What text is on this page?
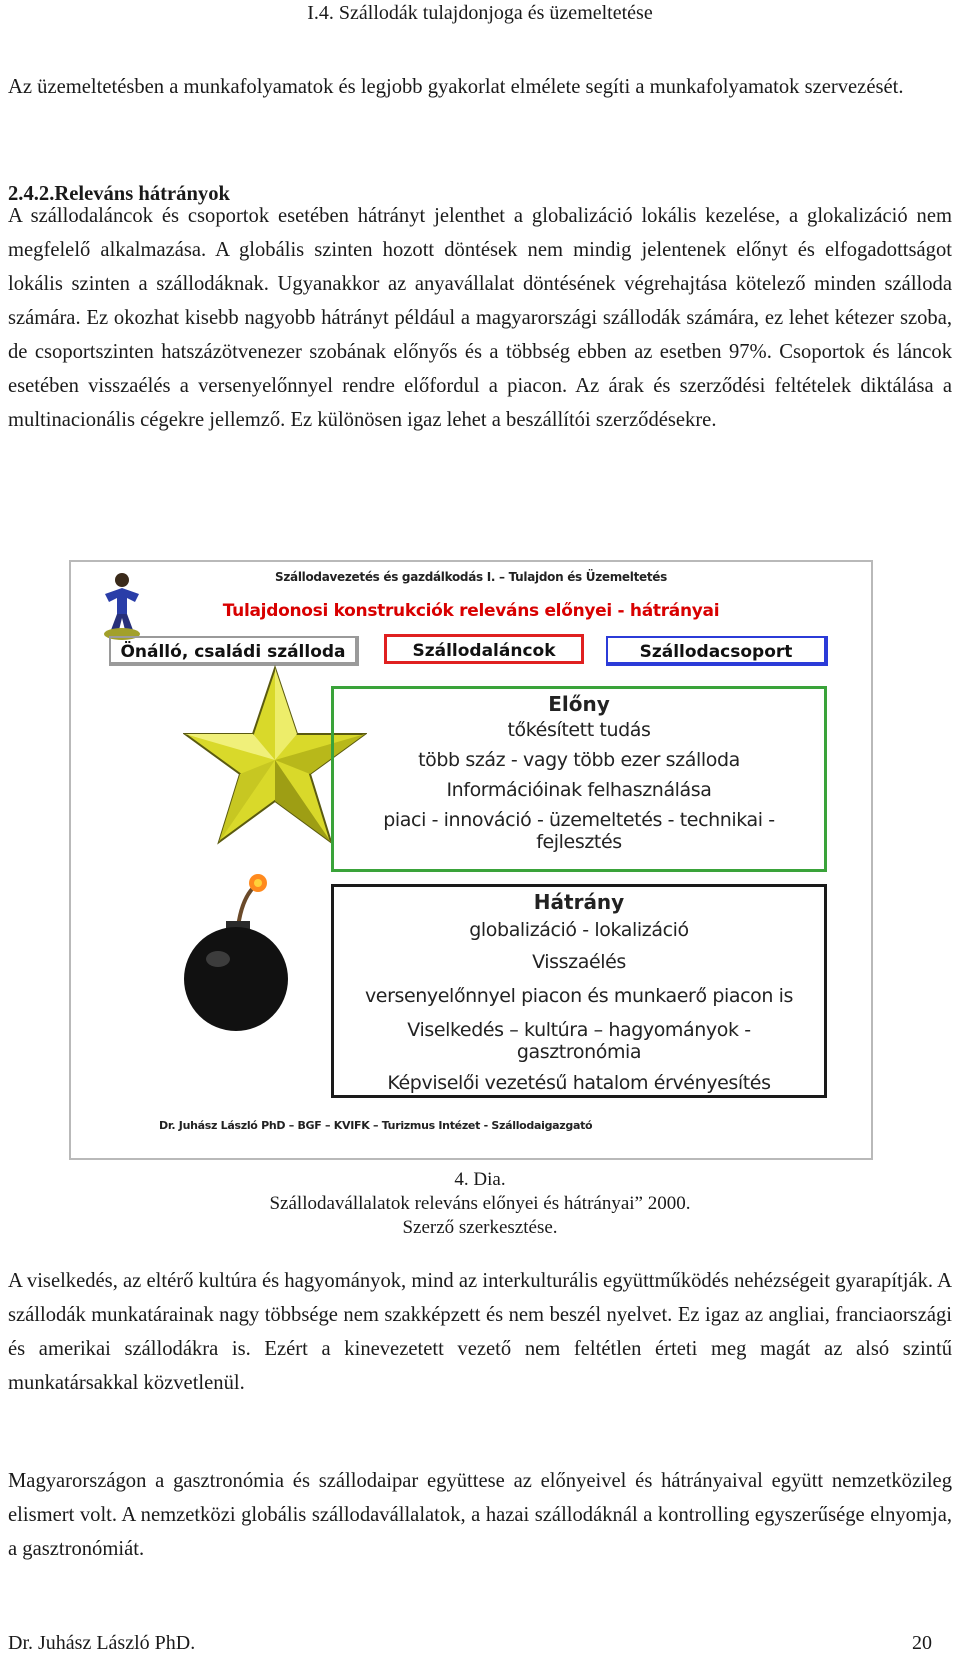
I.4. Szállodák tulajdonjoga és üzemeltetése

Az üzemeltetésben a munkafolyamatok és legjobb gyakorlat elmélete segíti a munkafolyamatok szervezését.

2.4.2.Releváns hátrányok

A szállodaláncok és csoportok esetében hátrányt jelenthet a globalizáció lokális kezelése, a glokalizáció nem megfelelő alkalmazása. A globális szinten hozott döntések nem mindig jelentenek előnyt és elfogadottságot lokális szinten a szállodáknak. Ugyanakkor az anyavállalat döntésének végrehajtása kötelező minden szálloda számára. Ez okozhat kisebb nagyobb hátrányt például a magyarországi szállodák számára, ez lehet kétezer szoba, de csoportszinten hatszázötvenezer szobának előnyős és a többség ebben az esetben 97%. Csoportok és láncok esetében visszaélés a versenyelőnnyel rendre előfordul a piacon. Az árak és szerződési feltételek diktálása a multinacionális cégekre jellemző. Ez különösen igaz lehet a beszállítói szerződésekre.

Szállodavezetés és gazdálkodás I. – Tulajdon és Üzemeltetés
Tulajdonosi konstrukciók releváns előnyei - hátrányai
Önálló, családi szálloda	Szállodaláncok	Szállodacsoport
Előny
tőkésített tudás
több száz - vagy több ezer szálloda
Információinak felhasználása
piaci - innováció - üzemeltetés - technikai - fejlesztés
Hátrány
globalizáció - lokalizáció
Visszaélés
versenyelőnnyel piacon és munkaerő piacon is
Viselkedés – kultúra – hagyományok - gasztronómia
Képviselői vezetésű hatalom érvényesítés
Dr. Juhász László PhD – BGF – KVIFK – Turizmus Intézet - Szállodaigazgató
4. Dia.
Szállodavállalatok releváns előnyei és hátrányai” 2000.
Szerző szerkesztése.

A viselkedés, az eltérő kultúra és hagyományok, mind az interkulturális együttműködés nehézségeit gyarapítják. A szállodák munkatárainak nagy többsége nem szakképzett és nem beszél nyelvet. Ez igaz az angliai, franciaországi és amerikai szállodákra is. Ezért a kinevezetett vezető nem feltétlen érteti meg magát az alsó szintű munkatársakkal közvetlenül.

Magyarországon a gasztronómia és szállodaipar együttese az előnyeivel és hátrányaival együtt nemzetközileg elismert volt. A nemzetközi globális szállodavállalatok, a hazai szállodáknál a kontrolling egyszerűsége elnyomja, a gasztronómiát.

Dr. Juhász László PhD.	20
